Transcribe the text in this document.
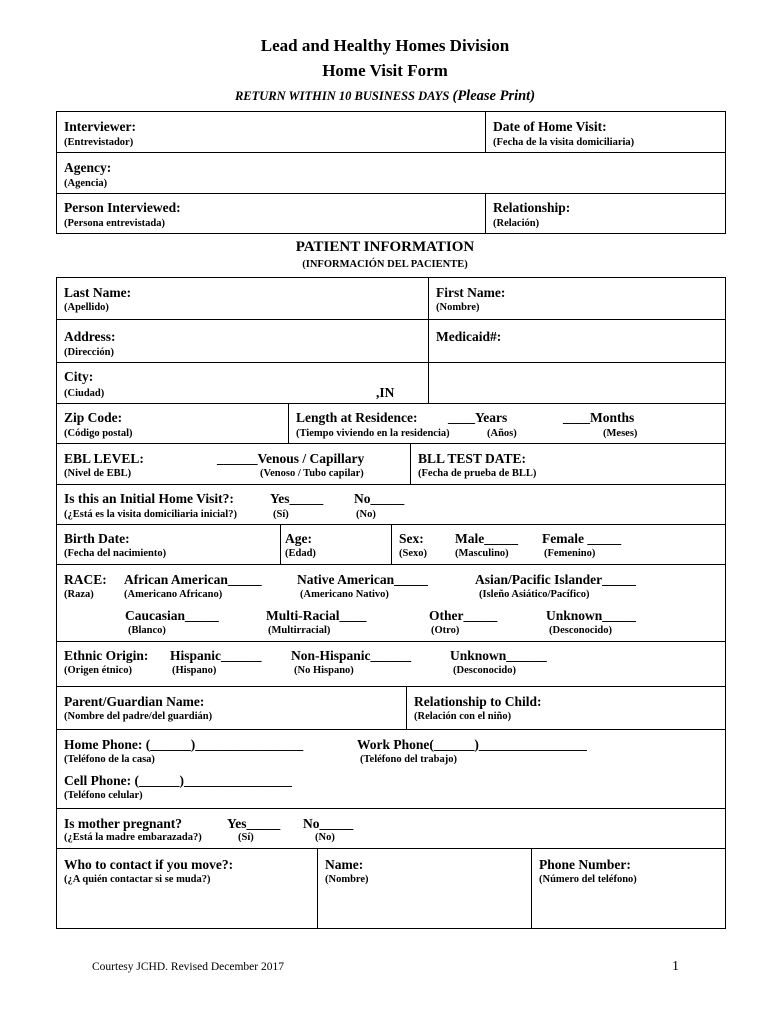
Lead and Healthy Homes Division
Home Visit Form
RETURN WITHIN 10 BUSINESS DAYS (Please Print)
Interviewer:
(Entrevistador)
Date of Home Visit:
(Fecha de la visita domiciliaria)
Agency:
(Agencia)
Person Interviewed:
(Persona entrevistada)
Relationship:
(Relación)
PATIENT INFORMATION
(INFORMACIÓN DEL PACIENTE)
Last Name:
(Apellido)
First Name:
(Nombre)
Address:
(Dirección)
Medicaid#:
City:
(Ciudad)	,IN
Zip Code:
(Código postal)
Length at Residence:
(Tiempo viviendo en la residencia)
____Years
(Años)
____Months
(Meses)
EBL LEVEL:
(Nivel de EBL)
______Venous / Capillary
(Venoso / Tubo capilar)
BLL TEST DATE:
(Fecha de prueba de BLL)
Is this an Initial Home Visit?:
(¿Está es la visita domiciliaria inicial?)
Yes_____
(Sí)
No_____
(No)
Birth Date:
(Fecha del nacimiento)
Age:
(Edad)
Sex:
(Sexo)
Male_____
(Masculino)
Female _____
(Femenino)
RACE:
(Raza)
African American_____
(Americano Africano)
Native American_____
(Americano Nativo)
Asian/Pacific Islander_____
(Isleño Asiático/Pacífico)
Caucasian_____
(Blanco)
Multi-Racial____
(Multirracial)
Other_____
(Otro)
Unknown_____
(Desconocido)
Ethnic Origin:
(Origen étnico)
Hispanic______
(Hispano)
Non-Hispanic______
(No Hispano)
Unknown______
(Desconocido)
Parent/Guardian Name:
(Nombre del padre/del guardián)
Relationship to Child:
(Relación con el niño)
Home Phone: (______)________________
(Teléfono de la casa)
Work Phone(______)________________
(Teléfono del trabajo)
Cell Phone: (______)________________
(Teléfono celular)
Is mother pregnant?
(¿Está la madre embarazada?)
Yes_____
(Sí)
No_____
(No)
Who to contact if you move?:
(¿A quién contactar si se muda?)
Name:
(Nombre)
Phone Number:
(Número del teléfono)
Courtesy JCHD. Revised December 2017	1
